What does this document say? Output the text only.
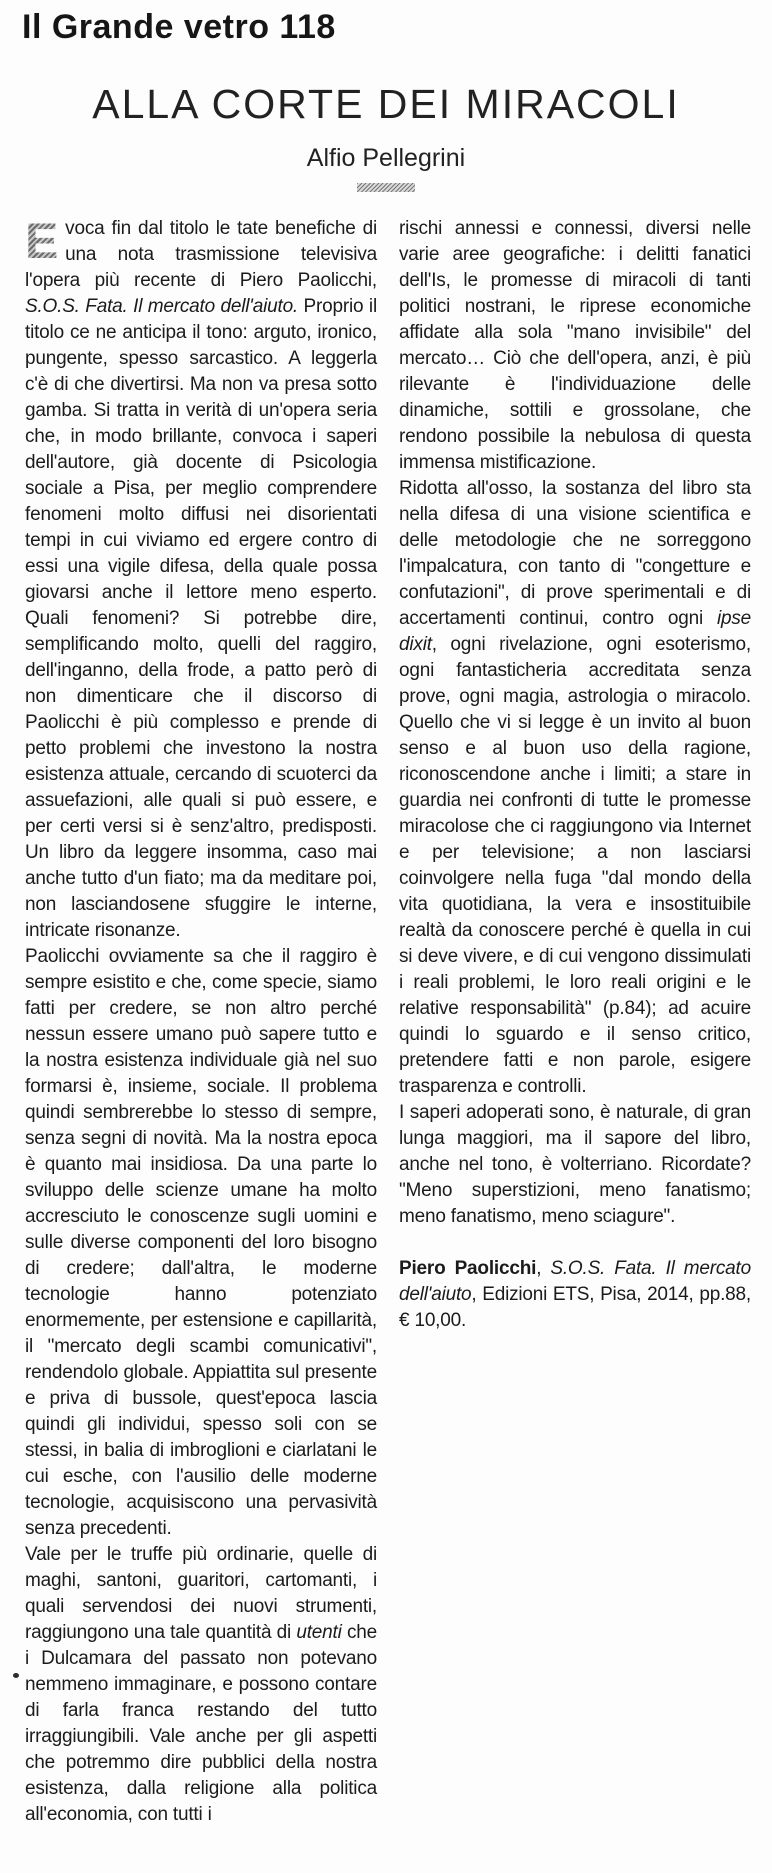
Il Grande vetro 118
ALLA CORTE DEI MIRACOLI
Alfio Pellegrini

E voca fin dal titolo le tate benefiche di una nota trasmissione televisiva l'opera più recente di Piero Paolicchi, S.O.S. Fata. Il mercato dell'aiuto. Proprio il titolo ce ne anticipa il tono: arguto, ironico, pungente, spesso sarcastico. A leggerla c'è di che divertirsi. Ma non va presa sotto gamba. Si tratta in verità di un'opera seria che, in modo brillante, convoca i saperi dell'autore, già docente di Psicologia sociale a Pisa, per meglio comprendere fenomeni molto diffusi nei disorientati tempi in cui viviamo ed ergere contro di essi una vigile difesa, della quale possa giovarsi anche il lettore meno esperto. Quali fenomeni? Si potrebbe dire, semplificando molto, quelli del raggiro, dell'inganno, della frode, a patto però di non dimenticare che il discorso di Paolicchi è più complesso e prende di petto problemi che investono la nostra esistenza attuale, cercando di scuoterci da assuefazioni, alle quali si può essere, e per certi versi si è senz'altro, predisposti. Un libro da leggere insomma, caso mai anche tutto d'un fiato; ma da meditare poi, non lasciandosene sfuggire le interne, intricate risonanze.

Paolicchi ovviamente sa che il raggiro è sempre esistito e che, come specie, siamo fatti per credere, se non altro perché nessun essere umano può sapere tutto e la nostra esistenza individuale già nel suo formarsi è, insieme, sociale. Il problema quindi sembrerebbe lo stesso di sempre, senza segni di novità. Ma la nostra epoca è quanto mai insidiosa. Da una parte lo sviluppo delle scienze umane ha molto accresciuto le conoscenze sugli uomini e sulle diverse componenti del loro bisogno di credere; dall'altra, le moderne tecnologie hanno potenziato enormemente, per estensione e capillarità, il "mercato degli scambi comunicativi", rendendolo globale. Appiattita sul presente e priva di bussole, quest'epoca lascia quindi gli individui, spesso soli con se stessi, in balia di imbroglioni e ciarlatani le cui esche, con l'ausilio delle moderne tecnologie, acquisiscono una pervasività senza precedenti.

Vale per le truffe più ordinarie, quelle di maghi, santoni, guaritori, cartomanti, i quali servendosi dei nuovi strumenti, raggiungono una tale quantità di utenti che i Dulcamara del passato non potevano nemmeno immaginare, e possono contare di farla franca restando del tutto irraggiungibili. Vale anche per gli aspetti che potremmo dire pubblici della nostra esistenza, dalla religione alla politica all'economia, con tutti i

rischi annessi e connessi, diversi nelle varie aree geografiche: i delitti fanatici dell'Is, le promesse di miracoli di tanti politici nostrani, le riprese economiche affidate alla sola "mano invisibile" del mercato… Ciò che dell'opera, anzi, è più rilevante è l'individuazione delle dinamiche, sottili e grossolane, che rendono possibile la nebulosa di questa immensa mistificazione.

Ridotta all'osso, la sostanza del libro sta nella difesa di una visione scientifica e delle metodologie che ne sorreggono l'impalcatura, con tanto di "congetture e confutazioni", di prove sperimentali e di accertamenti continui, contro ogni ipse dixit, ogni rivelazione, ogni esoterismo, ogni fantasticheria accreditata senza prove, ogni magia, astrologia o miracolo. Quello che vi si legge è un invito al buon senso e al buon uso della ragione, riconoscendone anche i limiti; a stare in guardia nei confronti di tutte le promesse miracolose che ci raggiungono via Internet e per televisione; a non lasciarsi coinvolgere nella fuga "dal mondo della vita quotidiana, la vera e insostituibile realtà da conoscere perché è quella in cui si deve vivere, e di cui vengono dissimulati i reali problemi, le loro reali origini e le relative responsabilità" (p.84); ad acuire quindi lo sguardo e il senso critico, pretendere fatti e non parole, esigere trasparenza e controlli.

I saperi adoperati sono, è naturale, di gran lunga maggiori, ma il sapore del libro, anche nel tono, è volterriano. Ricordate? "Meno superstizioni, meno fanatismo; meno fanatismo, meno sciagure".

Piero Paolicchi, S.O.S. Fata. Il mercato dell'aiuto, Edizioni ETS, Pisa, 2014, pp.88, € 10,00.
